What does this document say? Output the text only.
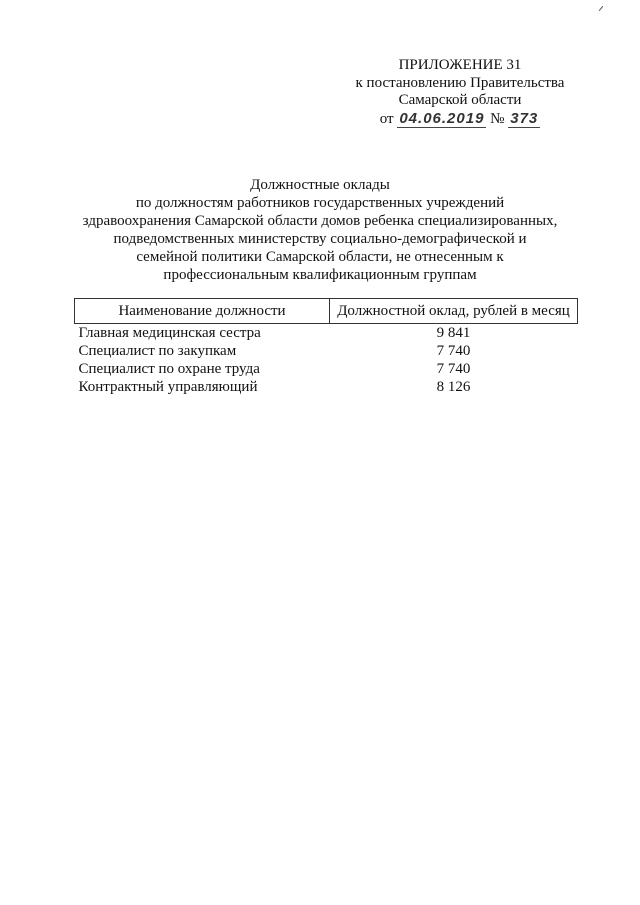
ПРИЛОЖЕНИЕ 31
к постановлению Правительства
Самарской области
от 04.06.2019 № 373
Должностные оклады
по должностям работников государственных учреждений
здравоохранения Самарской области домов ребенка специализированных,
подведомственных министерству социально-демографической и
семейной политики Самарской области, не отнесенным к
профессиональным квалификационным группам
Наименование должности	Должностной оклад, рублей в месяц
Главная медицинская сестра	9 841
Специалист по закупкам	7 740
Специалист по охране труда	7 740
Контрактный управляющий	8 126
